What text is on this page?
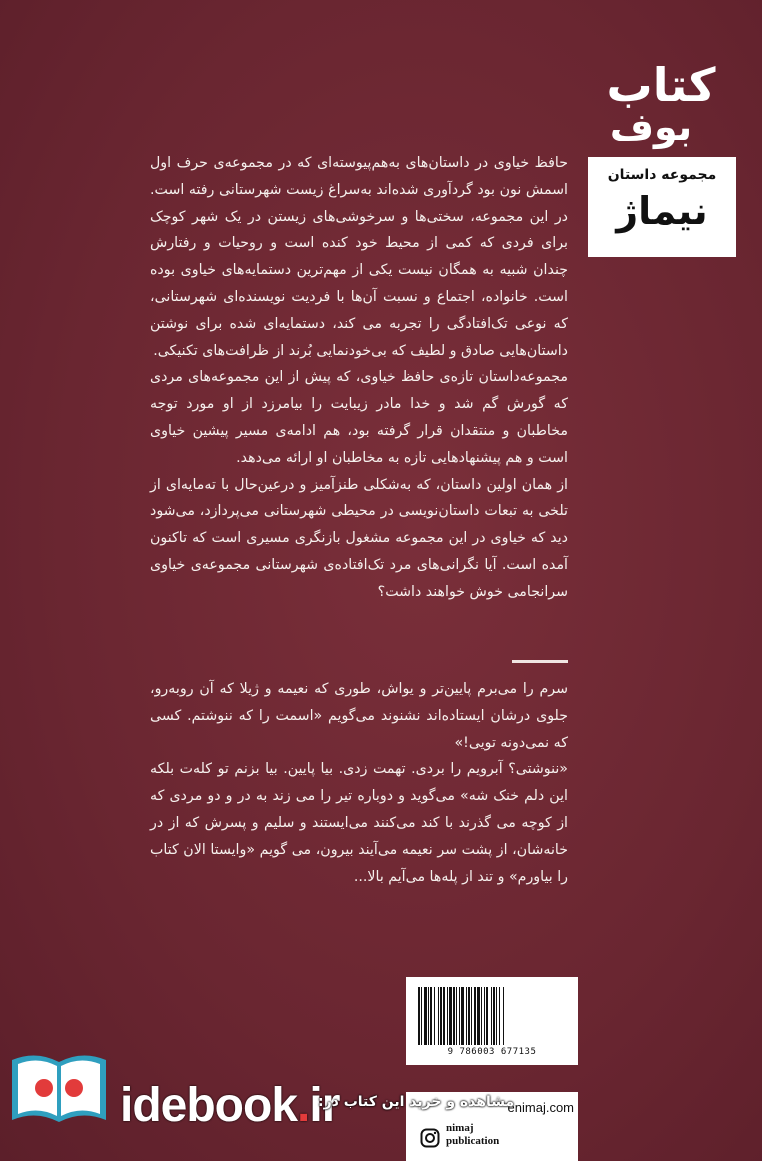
کتاب
بوف
مجموعه داستان
نیماژ

حافظ خیاوی در داستان‌های به‌هم‌پیوسته‌ای که در مجموعه‌ی حرف اول اسمش نون بود گردآوری شده‌اند به‌سراغ زیست شهرستانی رفته است. در این مجموعه، سختی‌ها و سرخوشی‌های زیستن در یک شهر کوچک برای فردی که کمی از محیط خود کنده است و روحیات و رفتارش چندان شبیه به همگان نیست یکی از مهم‌ترین دستمایه‌های خیاوی بوده است. خانواده، اجتماع و نسبت آن‌ها با فردیت نویسنده‌ای شهرستانی، که نوعی تک‌افتادگی را تجربه می کند، دستمایه‌ای شده برای نوشتن داستان‌هایی صادق و لطیف که بی‌خودنمایی بُرند از ظرافت‌های تکنیکی.

مجموعه‌داستان تازه‌ی حافظ خیاوی، که پیش از این مجموعه‌های مردی که گورش گم شد و خدا مادر زیبایت را بیامرزد از او مورد توجه مخاطبان و منتقدان قرار گرفته بود، هم ادامه‌ی مسیر پیشین خیاوی است و هم پیشنهادهایی تازه به مخاطبان او ارائه می‌دهد.

از همان اولین داستان، که به‌شکلی طنزآمیز و درعین‌حال با ته‌مایه‌ای از تلخی به تبعات داستان‌نویسی در محیطی شهرستانی می‌پردازد، می‌شود دید که خیاوی در این مجموعه مشغول بازنگری مسیری است که تاکنون آمده است. آیا نگرانی‌های مرد تک‌افتاده‌ی شهرستانی مجموعه‌ی خیاوی سرانجامی خوش خواهند داشت؟

سرم را می‌برم پایین‌تر و یواش، طوری که نعیمه و ژیلا که آن روبه‌رو، جلوی درشان ایستاده‌اند نشنوند می‌گویم «اسمت را که ننوشتم. کسی که نمی‌دونه تویی!»

«ننوشتی؟ آبرویم را بردی. تهمت زدی. بیا پایین. بیا بزنم تو کله‌ت بلکه این دلم خنک شه» می‌گوید و دوباره تیر را می زند به در و دو مردی که از کوچه می گذرند با کند می‌کنند می‌ایستند و سلیم و پسرش که از در خانه‌شان، از پشت سر نعیمه می‌آیند بیرون، می گویم «وایستا الان کتاب را بیاورم» و تند از پله‌ها می‌آیم بالا...

9 786003 677135
enimaj.com
nimaj
publication
idebook.ir
مشاهده و خرید این کتاب در:
